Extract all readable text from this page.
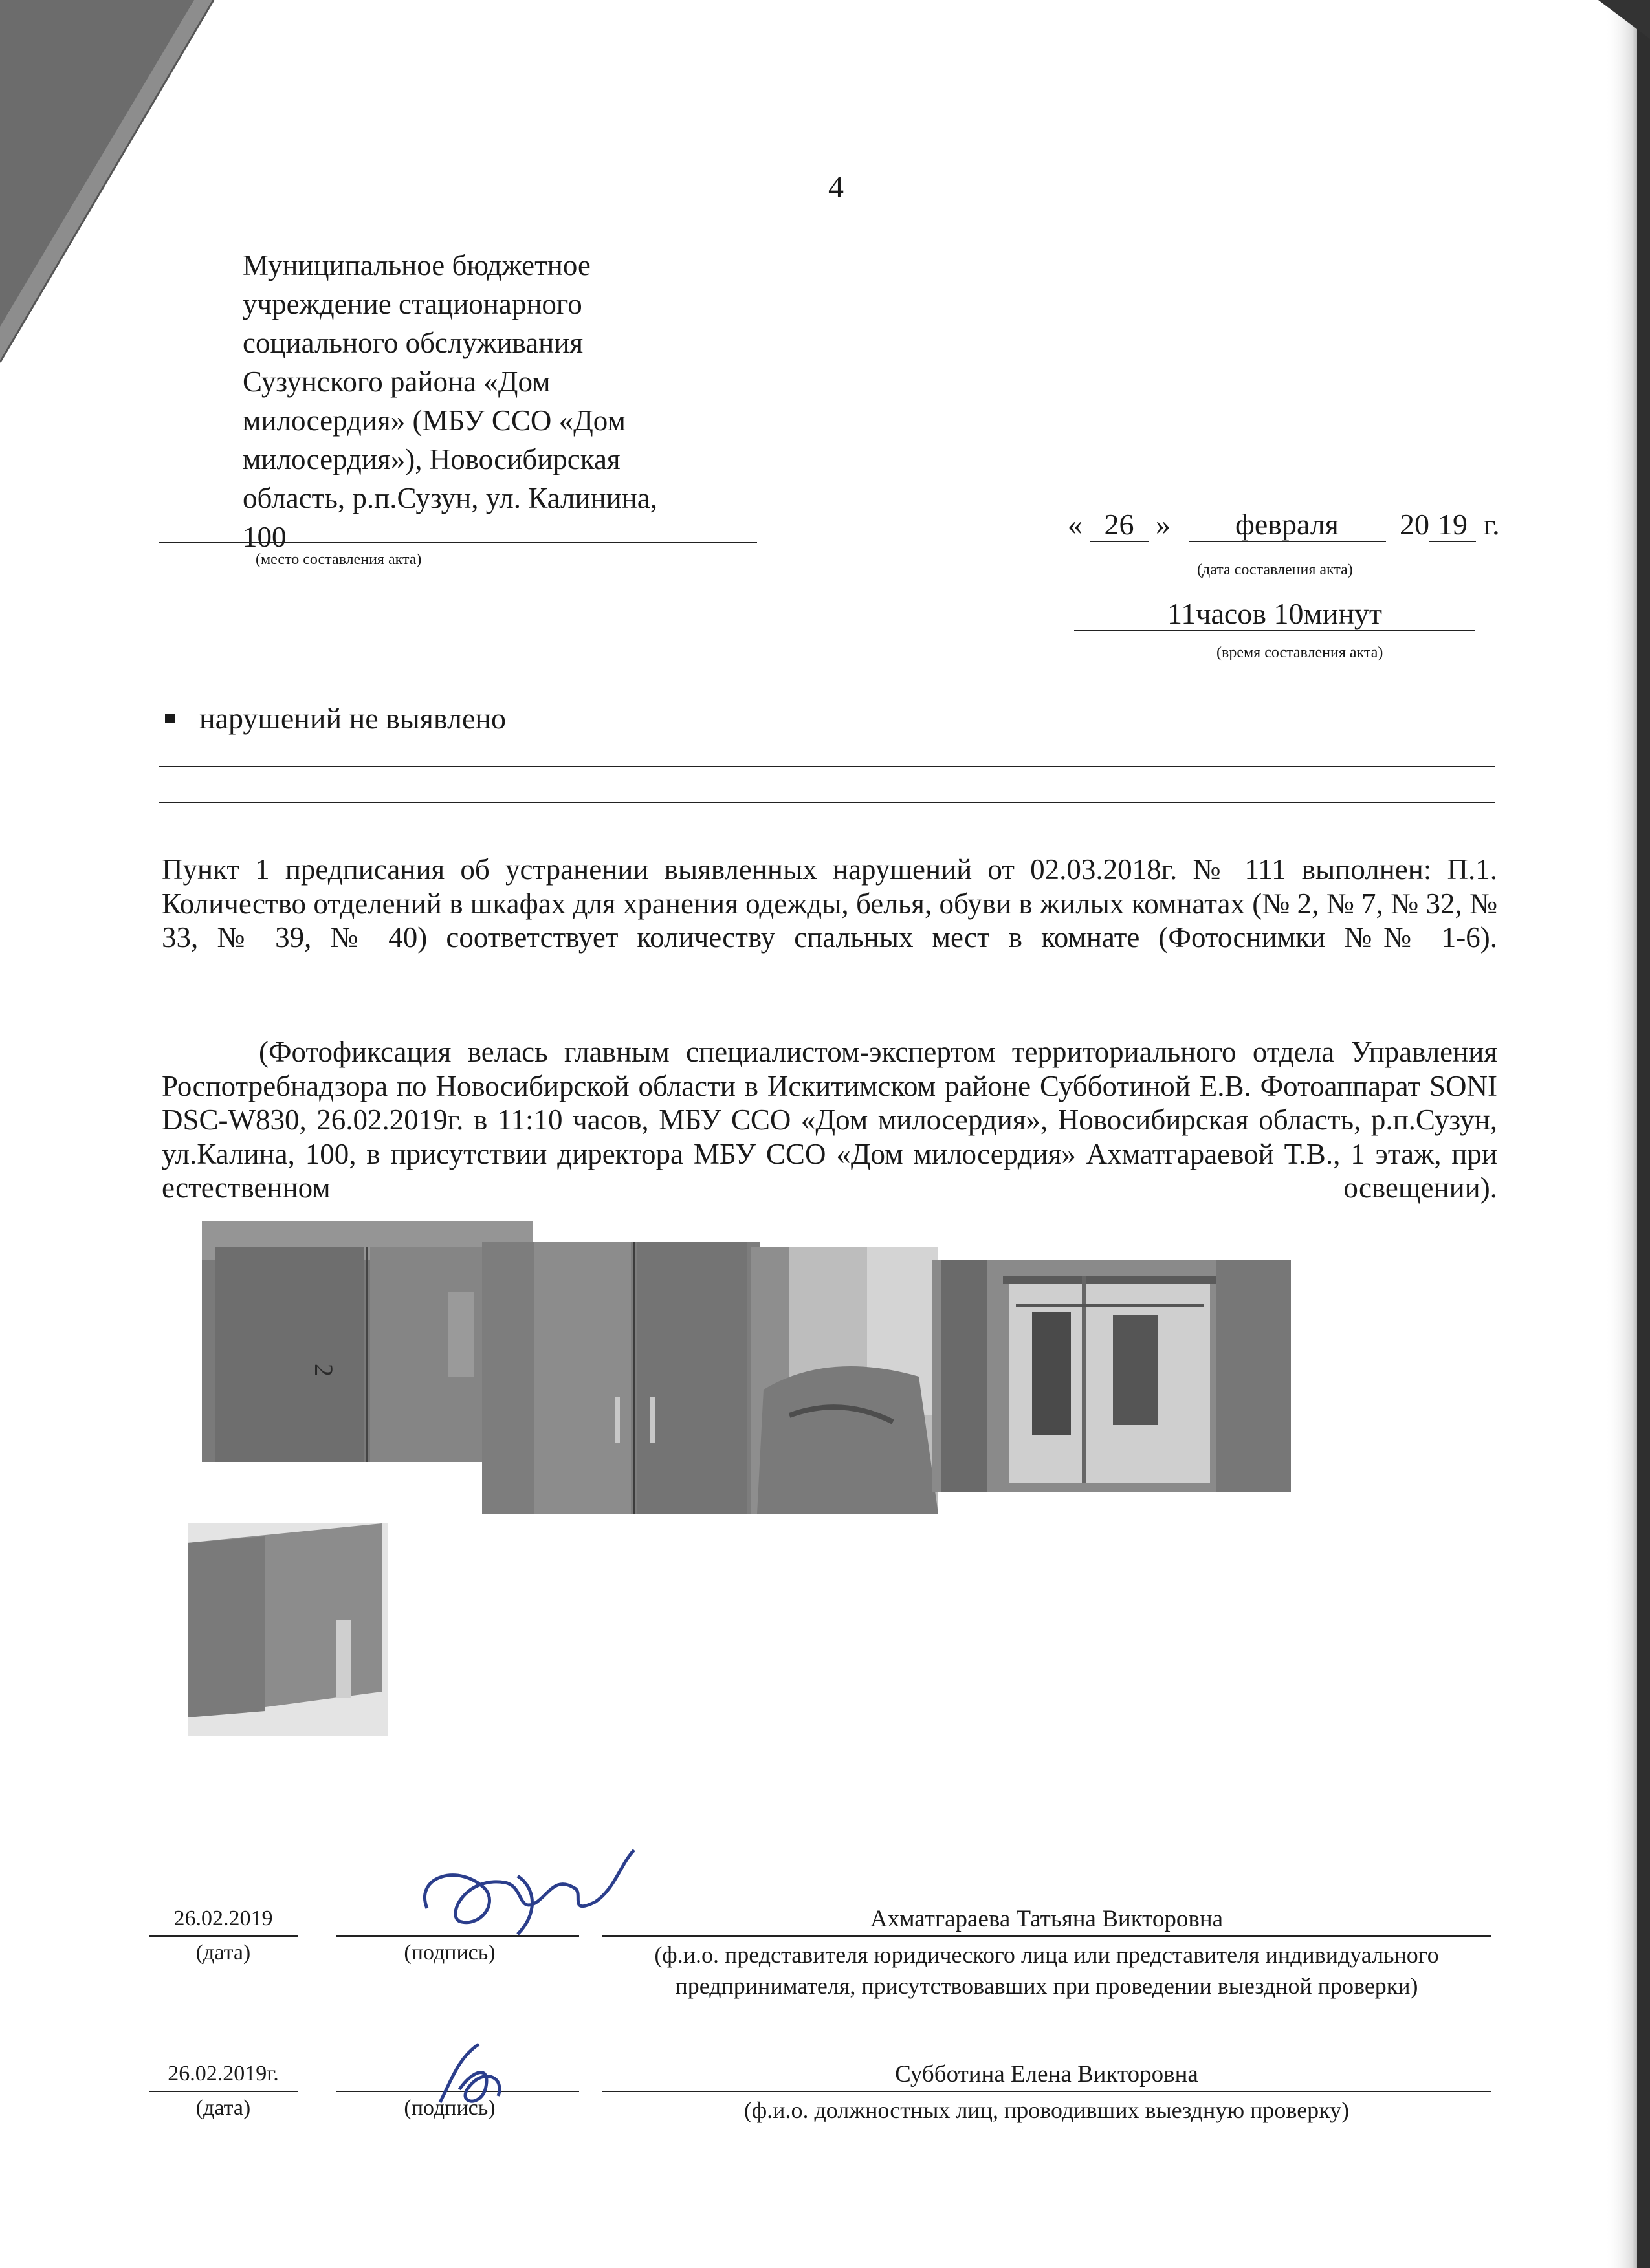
4
Муниципальное бюджетное
учреждение стационарного
социального обслуживания
Сузунского района «Дом
милосердия» (МБУ ССО «Дом
милосердия»), Новосибирская
область, р.п.Сузун, ул. Калинина,
100
(место составления акта)
« 26 » февраля 20 19 г.
(дата составления акта)
11часов 10минут
(время составления акта)
нарушений не выявлено
Пункт 1 предписания об устранении выявленных нарушений от 02.03.2018г. № 111 выполнен: П.1. Количество отделений в шкафах для хранения одежды, белья, обуви в жилых комнатах (№ 2, № 7, № 32, № 33, № 39, № 40) соответствует количеству спальных мест в комнате (Фотоснимки №№ 1-6).
(Фотофиксация велась главным специалистом-экспертом территориального отдела Управления Роспотребнадзора по Новосибирской области в Искитимском районе Субботиной Е.В. Фотоаппарат SONI DSC-W830, 26.02.2019г. в 11:10 часов, МБУ ССО «Дом милосердия», Новосибирская область, р.п.Сузун, ул.Калина, 100, в присутствии директора МБУ ССО «Дом милосердия» Ахматгараевой Т.В., 1 этаж, при естественном освещении).
2
26.02.2019
(дата)	(подпись)
Ахматгараева Татьяна Викторовна
(ф.и.о. представителя юридического лица или представителя индивидуального
предпринимателя, присутствовавших при проведении выездной проверки)
26.02.2019г.
(дата)	(подпись)
Субботина Елена Викторовна
(ф.и.о. должностных лиц, проводивших выездную проверку)
